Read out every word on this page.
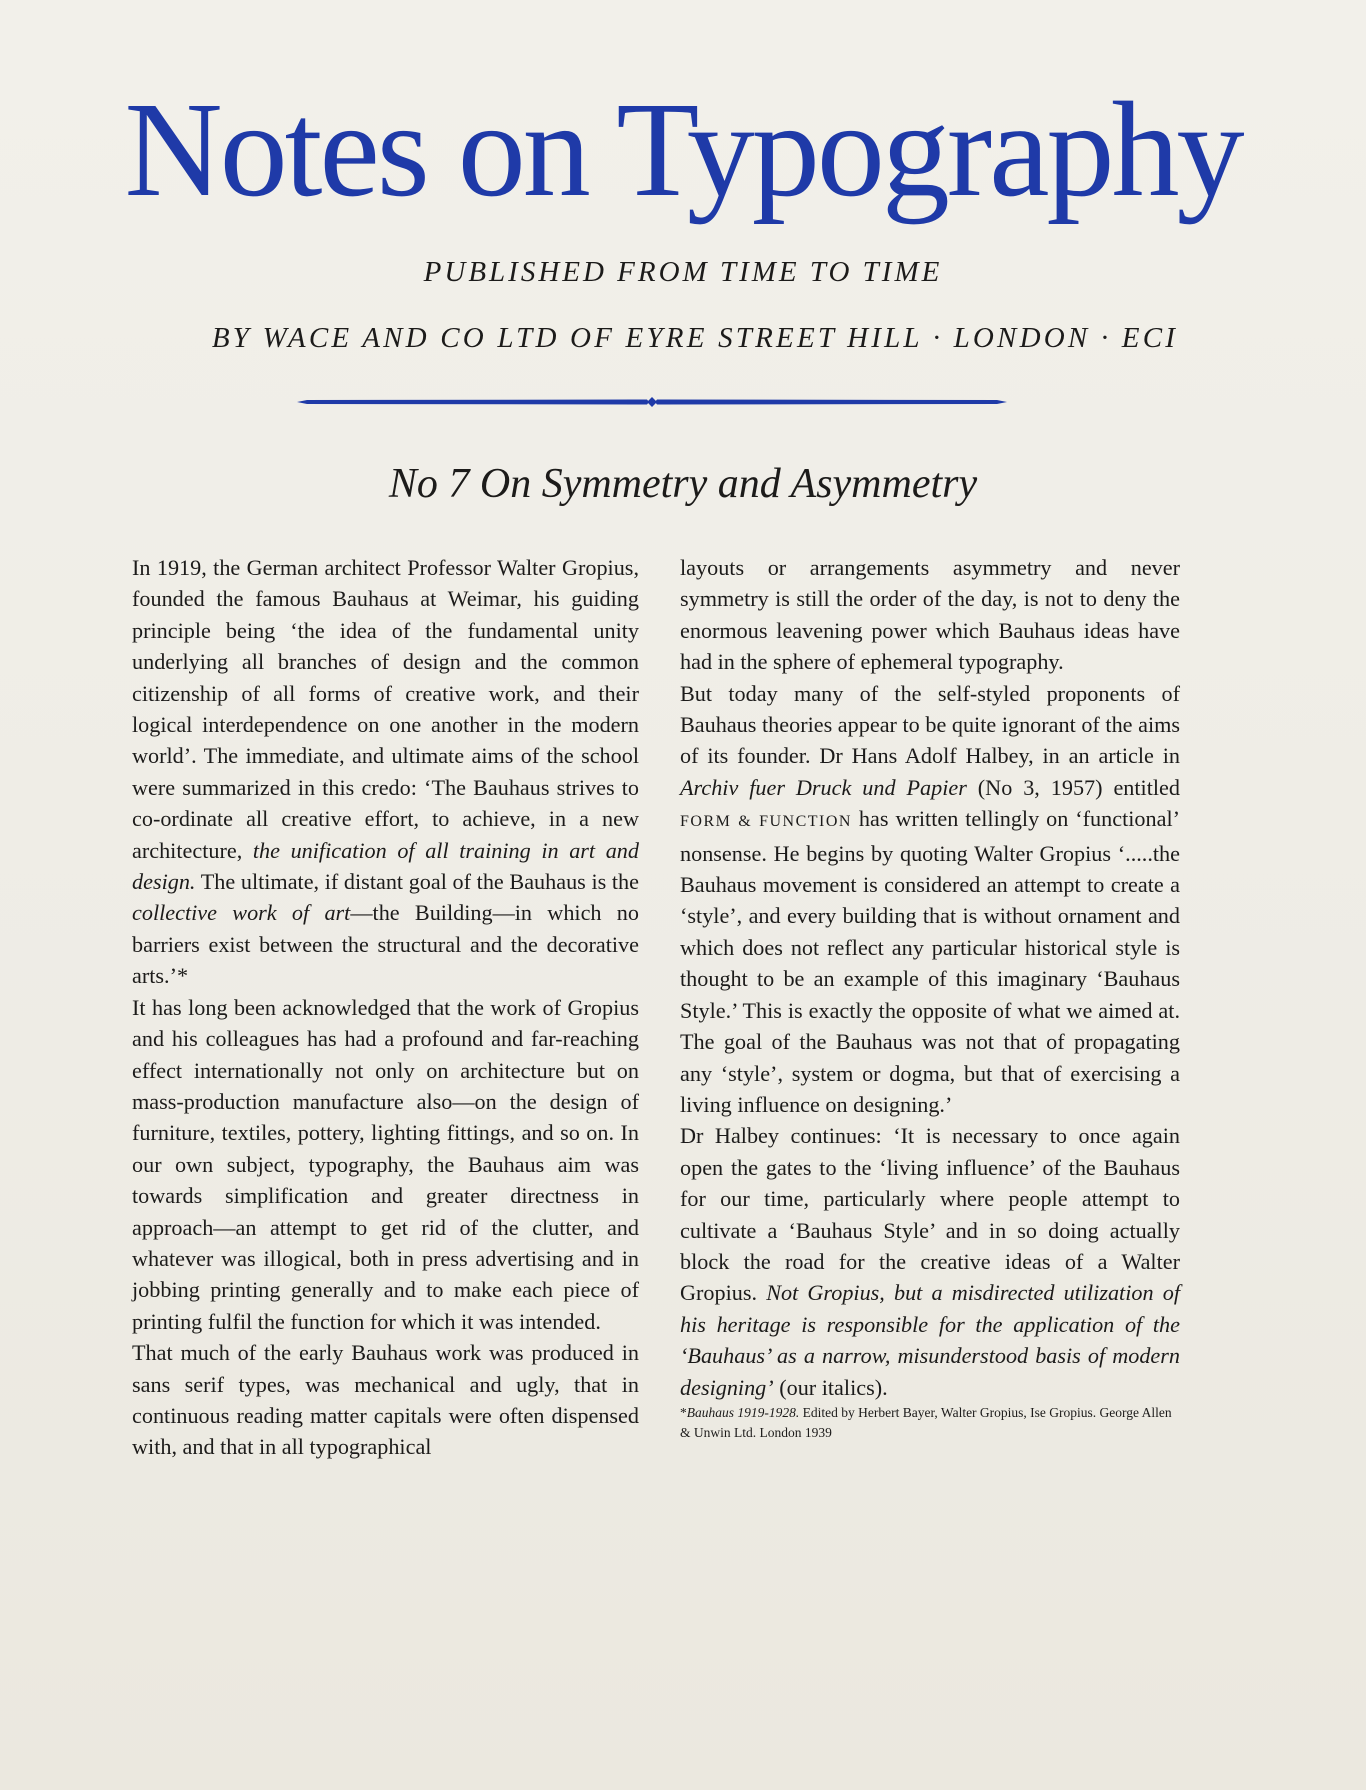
Notes on Typography
PUBLISHED FROM TIME TO TIME
BY WACE AND CO LTD OF EYRE STREET HILL · LONDON · ECI
No 7 On Symmetry and Asymmetry

In 1919, the German architect Professor Walter Gropius, founded the famous Bauhaus at Weimar, his guiding principle being ‘the idea of the fundamental unity underlying all branches of design and the common citizenship of all forms of creative work, and their logical interdependence on one another in the modern world’. The immediate, and ultimate aims of the school were summarized in this credo: ‘The Bauhaus strives to co-ordinate all creative effort, to achieve, in a new architecture, the unification of all training in art and design. The ultimate, if distant goal of the Bauhaus is the collective work of art—the Building—in which no barriers exist between the structural and the decorative arts.’*

It has long been acknowledged that the work of Gropius and his colleagues has had a profound and far-reaching effect internationally not only on architecture but on mass-production manufacture also—on the design of furniture, textiles, pottery, lighting fittings, and so on. In our own subject, typography, the Bauhaus aim was towards simplification and greater directness in approach—an attempt to get rid of the clutter, and whatever was illogical, both in press advertising and in jobbing printing generally and to make each piece of printing fulfil the function for which it was intended.

That much of the early Bauhaus work was produced in sans serif types, was mechanical and ugly, that in continuous reading matter capitals were often dispensed with, and that in all typographical

layouts or arrangements asymmetry and never symmetry is still the order of the day, is not to deny the enormous leavening power which Bauhaus ideas have had in the sphere of ephemeral typography.

But today many of the self-styled proponents of Bauhaus theories appear to be quite ignorant of the aims of its founder. Dr Hans Adolf Halbey, in an article in Archiv fuer Druck und Papier (No 3, 1957) entitled FORM & FUNCTION has written tellingly on ‘functional’ nonsense. He begins by quoting Walter Gropius ‘.....the Bauhaus movement is considered an attempt to create a ‘style’, and every building that is without ornament and which does not reflect any particular historical style is thought to be an example of this imaginary ‘Bauhaus Style.’ This is exactly the opposite of what we aimed at. The goal of the Bauhaus was not that of propagating any ‘style’, system or dogma, but that of exercising a living influence on designing.’

Dr Halbey continues: ‘It is necessary to once again open the gates to the ‘living influence’ of the Bauhaus for our time, particularly where people attempt to cultivate a ‘Bauhaus Style’ and in so doing actually block the road for the creative ideas of a Walter Gropius. Not Gropius, but a misdirected utilization of his heritage is responsible for the application of the ‘Bauhaus’ as a narrow, misunderstood basis of modern designing’ (our italics).

*Bauhaus 1919-1928. Edited by Herbert Bayer, Walter Gropius, Ise Gropius. George Allen & Unwin Ltd. London 1939
